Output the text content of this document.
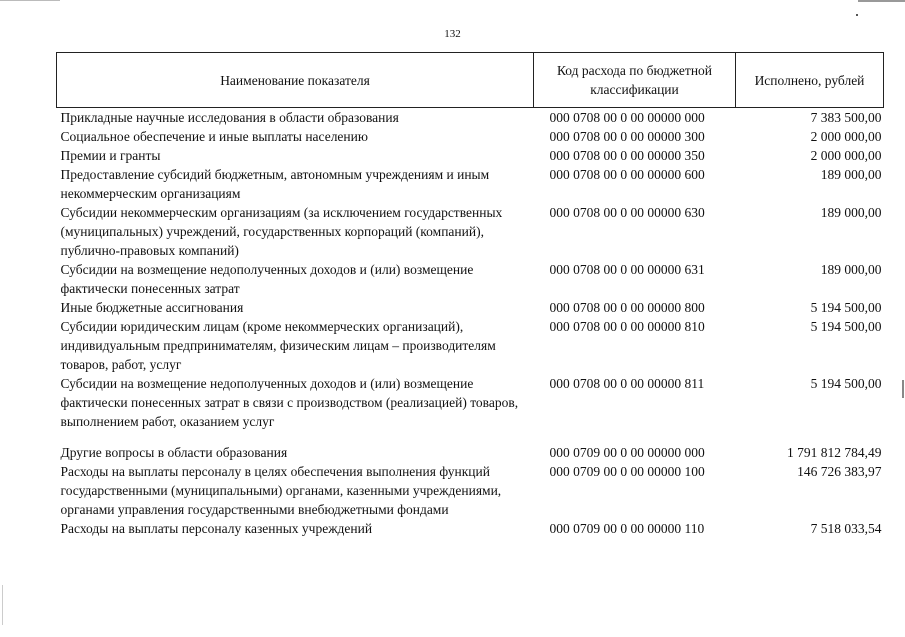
132
Наименование показателя	Код расхода по бюджетной классификации	Исполнено, рублей
Прикладные научные исследования в области образования	000 0708 00 0 00 00000 000	7 383 500,00
Социальное обеспечение и иные выплаты населению	000 0708 00 0 00 00000 300	2 000 000,00
Премии и гранты	000 0708 00 0 00 00000 350	2 000 000,00
Предоставление субсидий бюджетным, автономным учреждениям и иным некоммерческим организациям	000 0708 00 0 00 00000 600	189 000,00
Субсидии некоммерческим организациям (за исключением государственных (муниципальных) учреждений, государственных корпораций (компаний), публично-правовых компаний)	000 0708 00 0 00 00000 630	189 000,00
Субсидии на возмещение недополученных доходов и (или) возмещение фактически понесенных затрат	000 0708 00 0 00 00000 631	189 000,00
Иные бюджетные ассигнования	000 0708 00 0 00 00000 800	5 194 500,00
Субсидии юридическим лицам (кроме некоммерческих организаций), индивидуальным предпринимателям, физическим лицам – производителям товаров, работ, услуг	000 0708 00 0 00 00000 810	5 194 500,00
Субсидии на возмещение недополученных доходов и (или) возмещение фактически понесенных затрат в связи с производством (реализацией) товаров, выполнением работ, оказанием услуг	000 0708 00 0 00 00000 811	5 194 500,00

Другие вопросы в области образования	000 0709 00 0 00 00000 000	1 791 812 784,49
Расходы на выплаты персоналу в целях обеспечения выполнения функций государственными (муниципальными) органами, казенными учреждениями, органами управления государственными внебюджетными фондами	000 0709 00 0 00 00000 100	146 726 383,97
Расходы на выплаты персоналу казенных учреждений	000 0709 00 0 00 00000 110	7 518 033,54
